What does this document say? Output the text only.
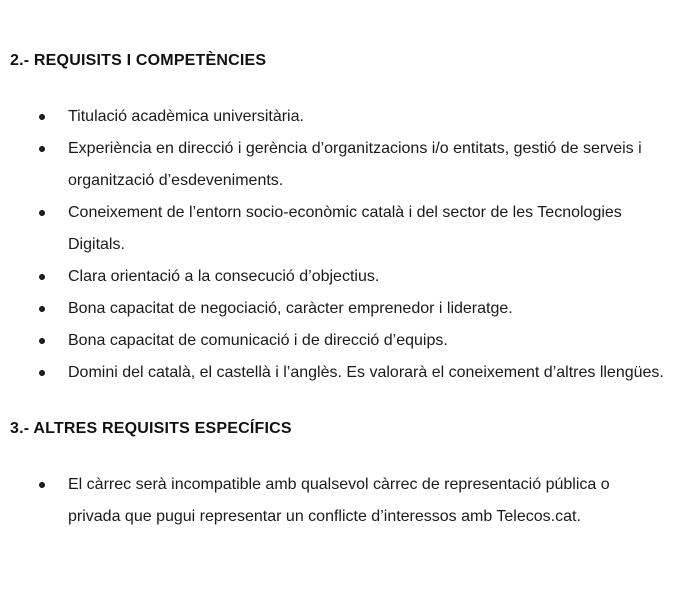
2.- REQUISITS I COMPETÈNCIES
Titulació acadèmica universitària.
Experiència en direcció i gerència d’organitzacions i/o entitats, gestió de serveis i organització d’esdeveniments.
Coneixement de l’entorn socio-econòmic català i del sector de les Tecnologies Digitals.
Clara orientació a la consecució d’objectius.
Bona capacitat de negociació, caràcter emprenedor i lideratge.
Bona capacitat de comunicació i de direcció d’equips.
Domini del català, el castellà i l’anglès. Es valorarà el coneixement d’altres llengües.
3.- ALTRES REQUISITS ESPECÍFICS
El càrrec serà incompatible amb qualsevol càrrec de representació pública o privada que pugui representar un conflicte d’interessos amb Telecos.cat.
